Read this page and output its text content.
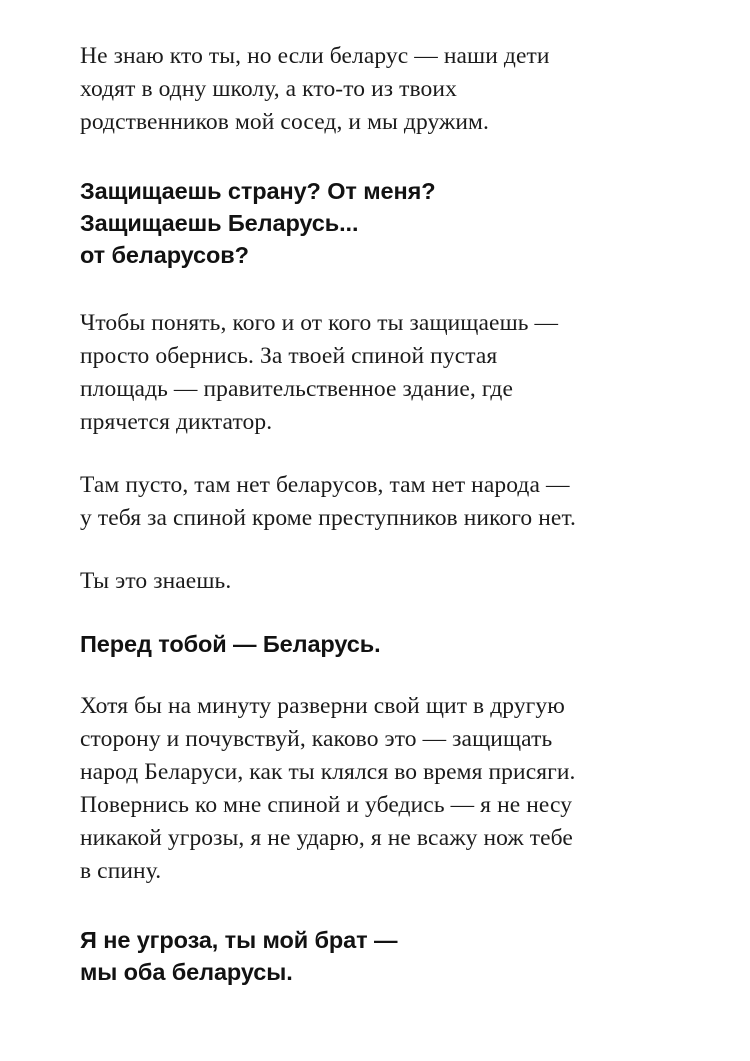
Не знаю кто ты, но если беларус — наши дети

ходят в одну школу, а кто-то из твоих

родственников мой сосед, и мы дружим.

Защищаешь страну? От меня?

Защищаешь Беларусь...

от беларусов?

Чтобы понять, кого и от кого ты защищаешь —

просто обернись. За твоей спиной пустая

площадь — правительственное здание, где

прячется диктатор.

Там пусто, там нет беларусов, там нет народа —

у тебя за спиной кроме преступников никого нет.

Ты это знаешь.

Перед тобой — Беларусь.

Хотя бы на минуту разверни свой щит в другую

сторону и почувствуй, каково это — защищать

народ Беларуси, как ты клялся во время присяги.

Повернись ко мне спиной и убедись — я не несу

никакой угрозы, я не ударю, я не всажу нож тебе

в спину.

Я не угроза, ты мой брат —

мы оба беларусы.
